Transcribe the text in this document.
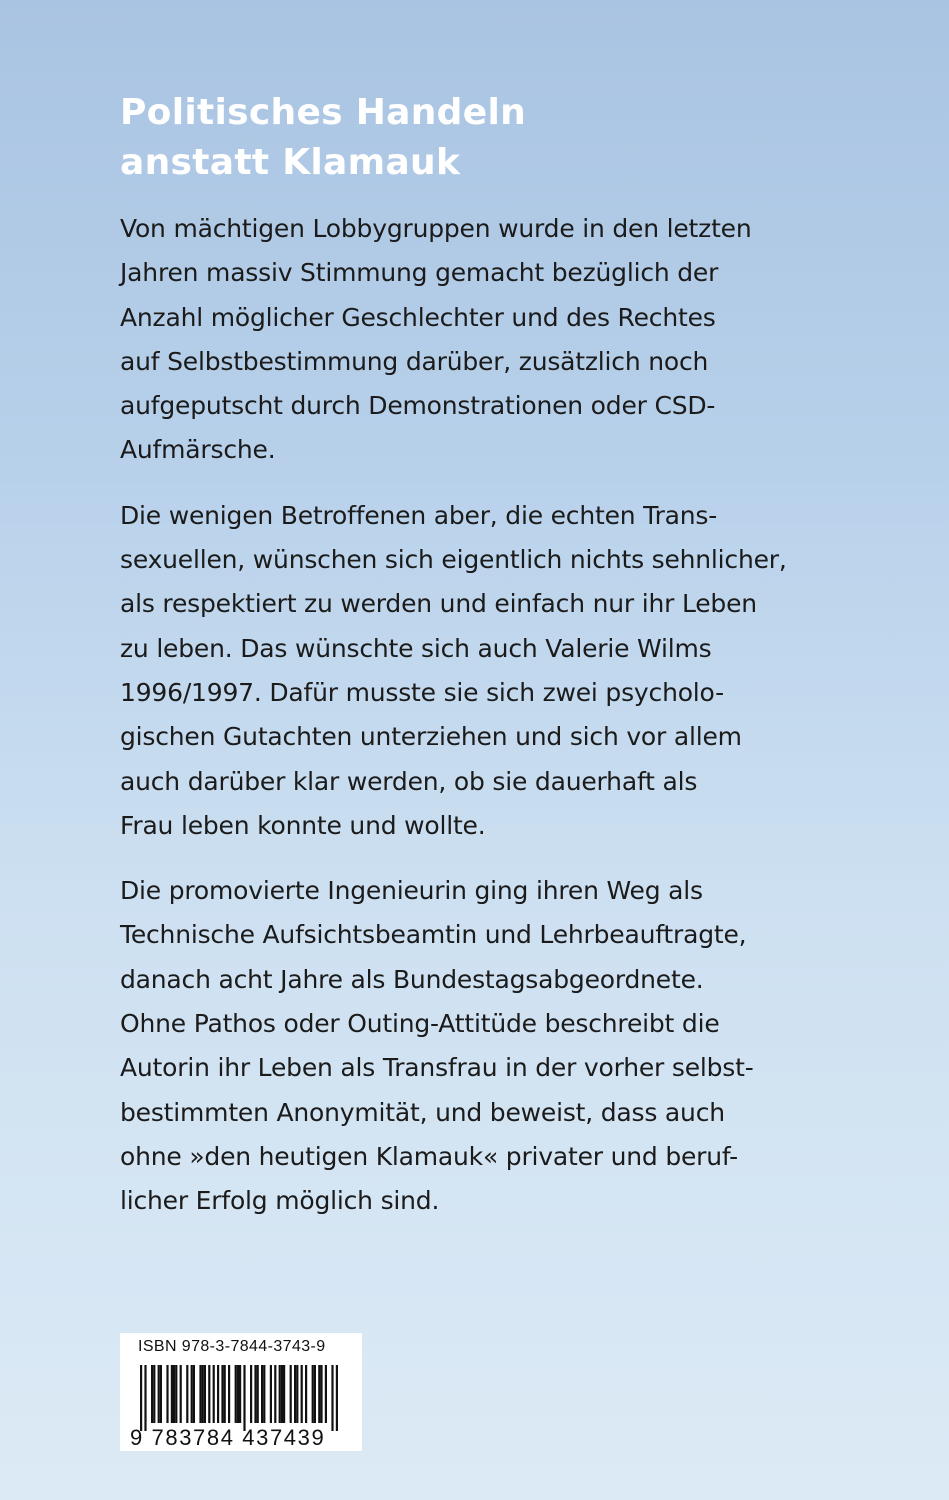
Politisches Handeln
anstatt Klamauk
Von mächtigen Lobbygruppen wurde in den letzten
Jahren massiv Stimmung gemacht bezüglich der
Anzahl möglicher Geschlechter und des Rechtes
auf Selbstbestimmung darüber, zusätzlich noch
aufgeputscht durch Demonstrationen oder CSD-
Aufmärsche.
Die wenigen Betroffenen aber, die echten Trans-
sexuellen, wünschen sich eigentlich nichts sehnlicher,
als respektiert zu werden und einfach nur ihr Leben
zu leben. Das wünschte sich auch Valerie Wilms
1996/1997. Dafür musste sie sich zwei psycholo-
gischen Gutachten unterziehen und sich vor allem
auch darüber klar werden, ob sie dauerhaft als
Frau leben konnte und wollte.
Die promovierte Ingenieurin ging ihren Weg als
Technische Aufsichtsbeamtin und Lehrbeauftragte,
danach acht Jahre als Bundestagsabgeordnete.
Ohne Pathos oder Outing-Attitüde beschreibt die
Autorin ihr Leben als Transfrau in der vorher selbst-
bestimmten Anonymität, und beweist, dass auch
ohne »den heutigen Klamauk« privater und beruf-
licher Erfolg möglich sind.
ISBN 978-3-7844-3743-9
9 783784 437439
